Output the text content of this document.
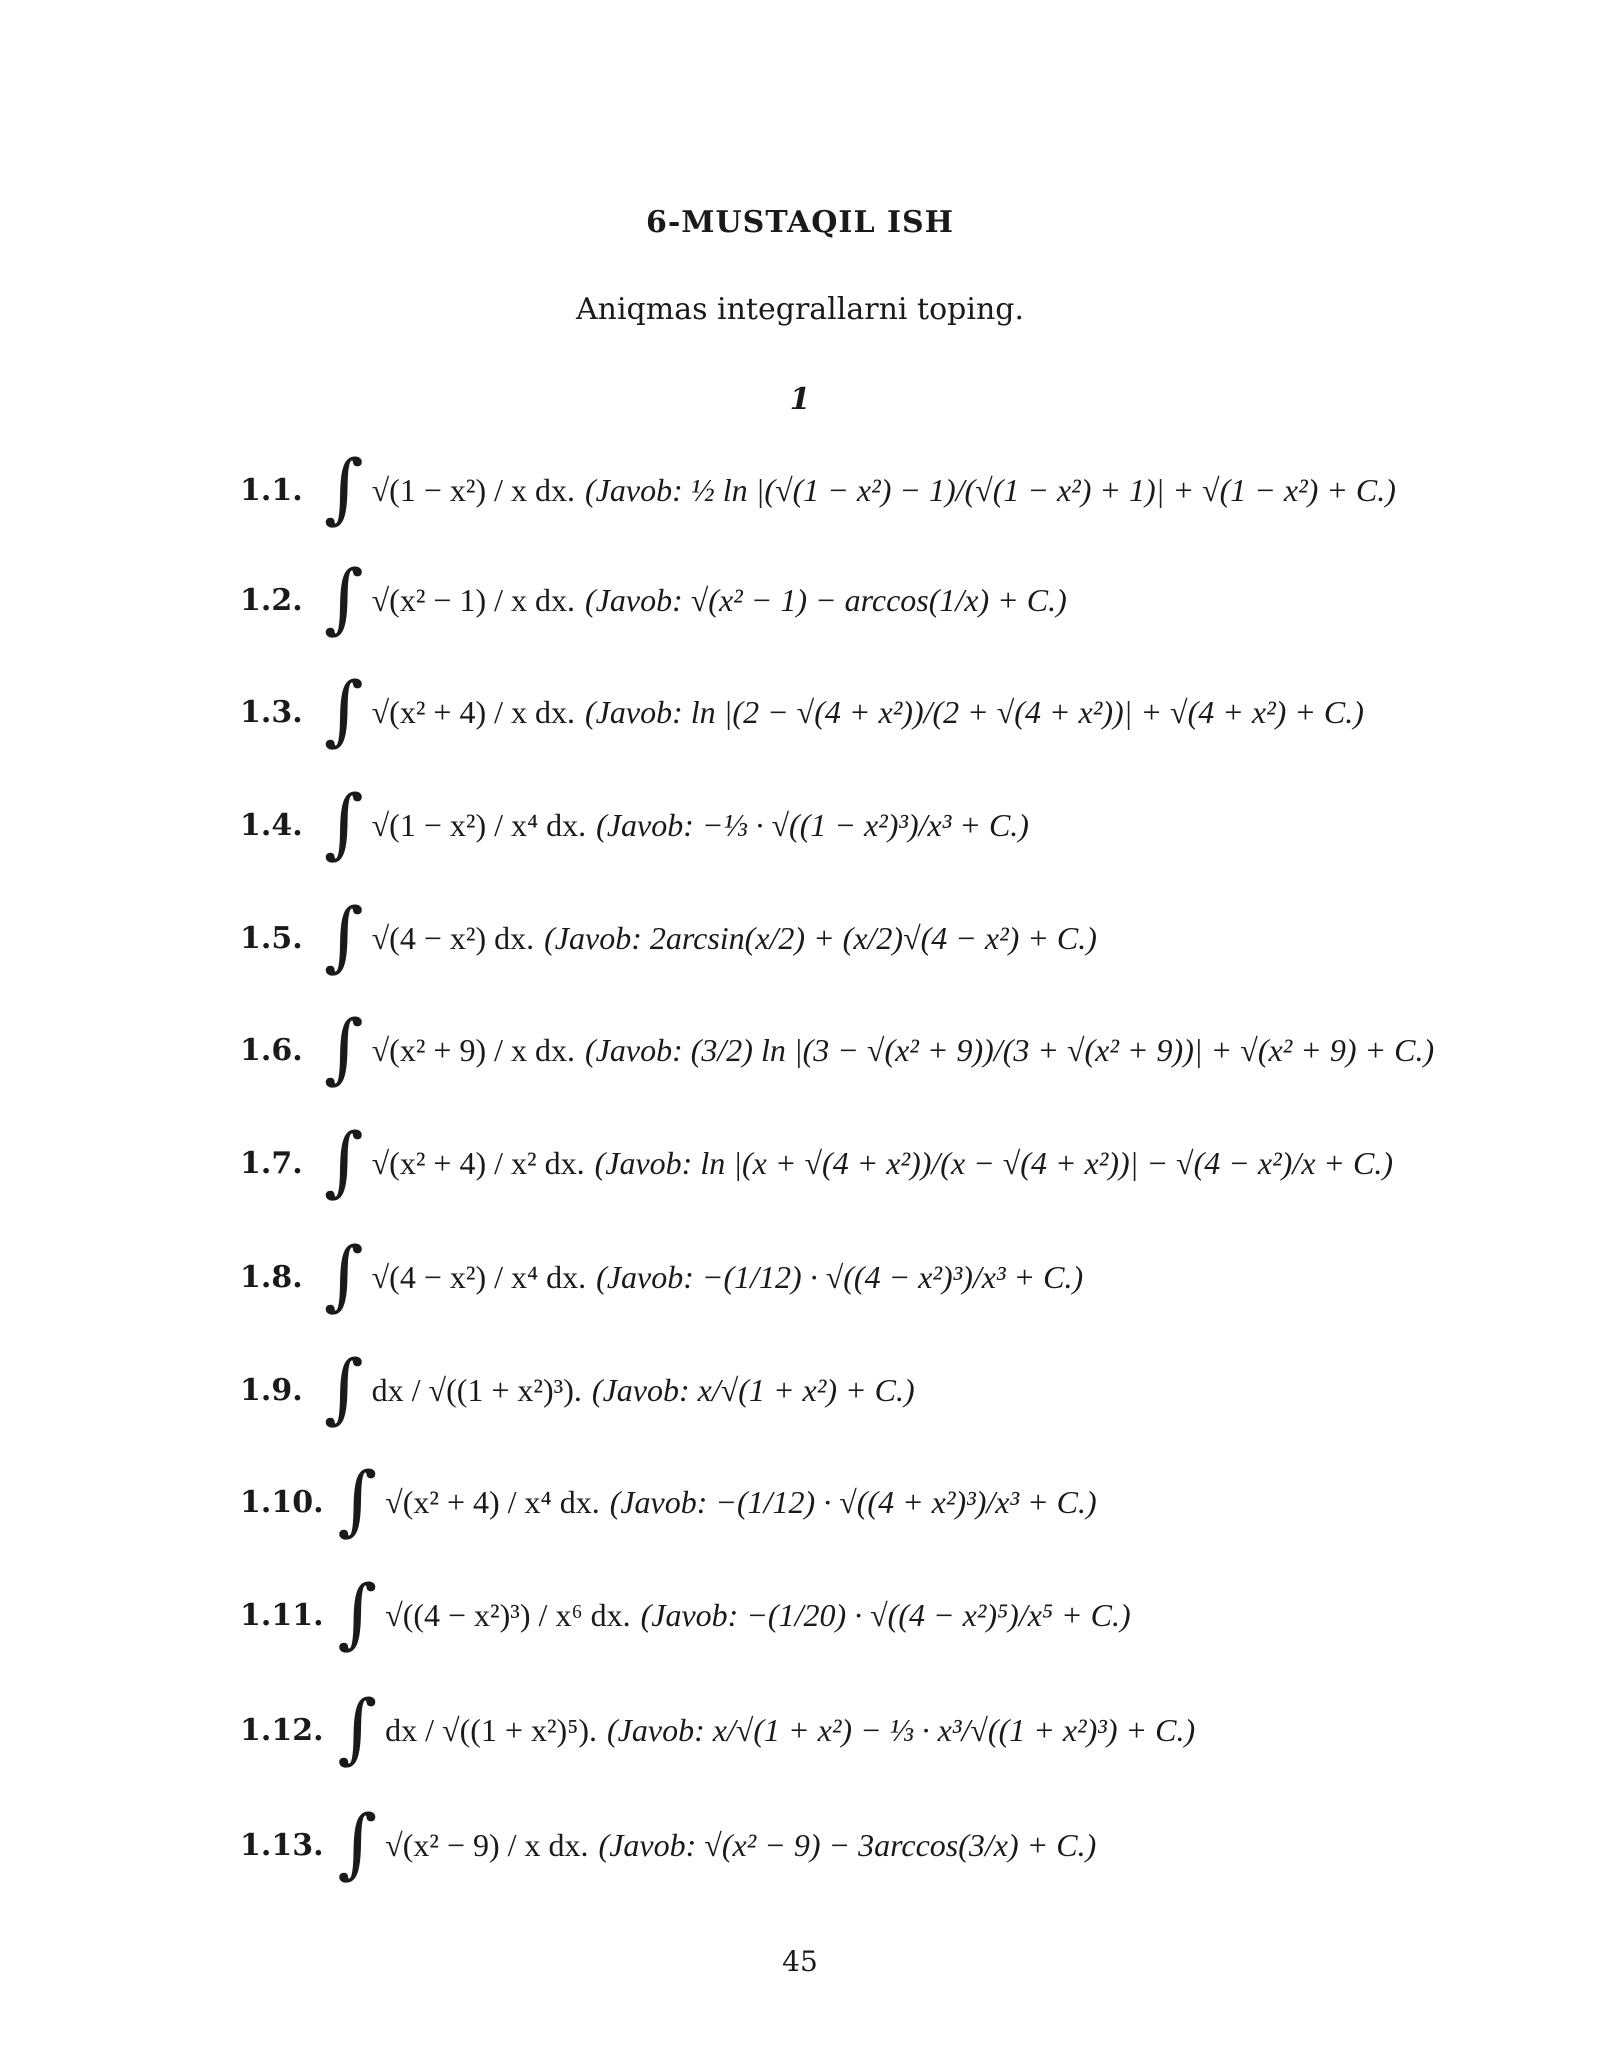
6-MUSTAQIL ISH
Aniqmas integrallarni toping.
1
1.1. ∫ √(1 − x²) / x dx. (Javob: ½ ln |(√(1 − x²) − 1)/(√(1 − x²) + 1)| + √(1 − x²) + C.)
1.2. ∫ √(x² − 1) / x dx. (Javob: √(x² − 1) − arccos(1/x) + C.)
1.3. ∫ √(x² + 4) / x dx. (Javob: ln |(2 − √(4 + x²))/(2 + √(4 + x²))| + √(4 + x²) + C.)
1.4. ∫ √(1 − x²) / x⁴ dx. (Javob: −⅓ · √((1 − x²)³)/x³ + C.)
1.5. ∫ √(4 − x²) dx. (Javob: 2arcsin(x/2) + (x/2)√(4 − x²) + C.)
1.6. ∫ √(x² + 9) / x dx. (Javob: (3/2) ln |(3 − √(x² + 9))/(3 + √(x² + 9))| + √(x² + 9) + C.)
1.7. ∫ √(x² + 4) / x² dx. (Javob: ln |(x + √(4 + x²))/(x − √(4 + x²))| − √(4 − x²)/x + C.)
1.8. ∫ √(4 − x²) / x⁴ dx. (Javob: −(1/12) · √((4 − x²)³)/x³ + C.)
1.9. ∫ dx / √((1 + x²)³). (Javob: x/√(1 + x²) + C.)
1.10. ∫ √(x² + 4) / x⁴ dx. (Javob: −(1/12) · √((4 + x²)³)/x³ + C.)
1.11. ∫ √((4 − x²)³) / x⁶ dx. (Javob: −(1/20) · √((4 − x²)⁵)/x⁵ + C.)
1.12. ∫ dx / √((1 + x²)⁵). (Javob: x/√(1 + x²) − ⅓ · x³/√((1 + x²)³) + C.)
1.13. ∫ √(x² − 9) / x dx. (Javob: √(x² − 9) − 3arccos(3/x) + C.)
45
